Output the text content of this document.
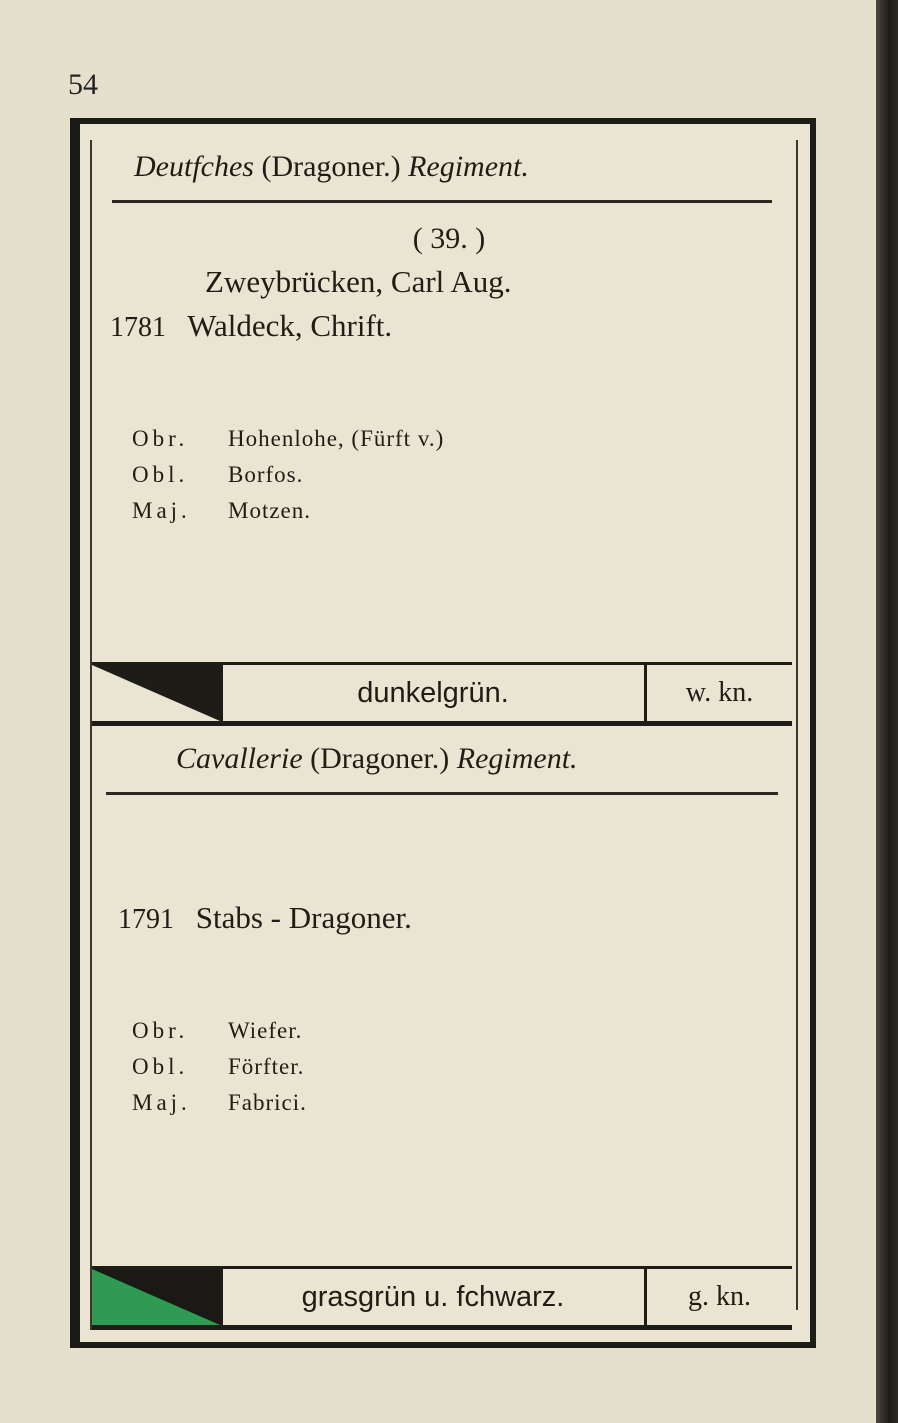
54
Deutfches (Dragoner.) Regiment.
( 39. )
Zweybrücken, Carl Aug.
1781 Waldeck, Chrift.
Obr. Hohenlohe, (Fürft v.)
Obl. Borfos.
Maj. Motzen.
dunkelgrün.	w. kn.
Cavallerie (Dragoner.) Regiment.
1791 Stabs - Dragoner.
Obr. Wiefer.
Obl. Förfter.
Maj. Fabrici.
grasgrün u. fchwarz.	g. kn.
